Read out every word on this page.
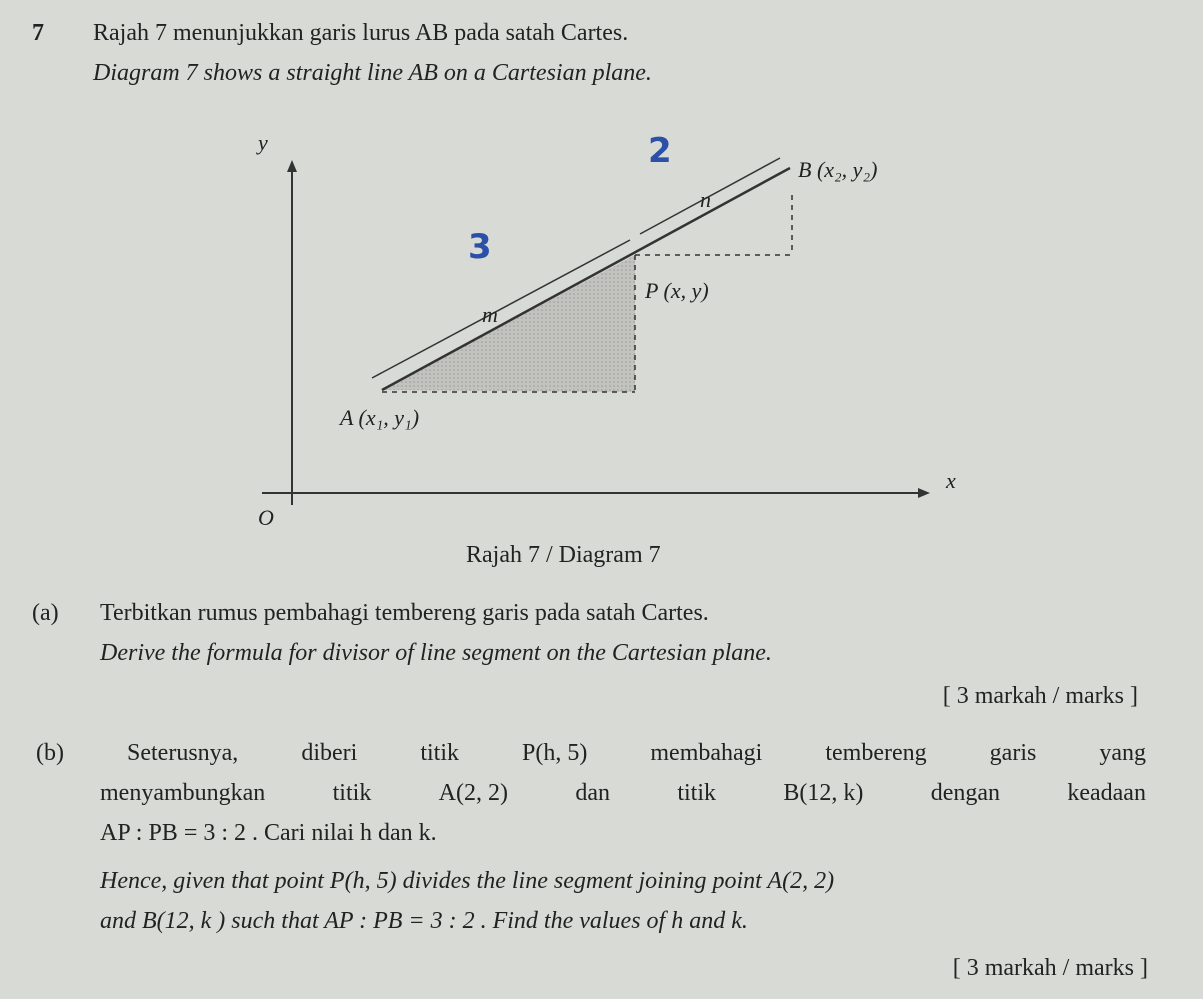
7 Rajah 7 menunjukkan garis lurus AB pada satah Cartes.
Diagram 7 shows a straight line AB on a Cartesian plane.
y
x
O
B (x₂, y₂)
P (x, y)
A (x₁, y₁)
n
m
2
3
Rajah 7 / Diagram 7
(a) Terbitkan rumus pembahagi tembereng garis pada satah Cartes.
Derive the formula for divisor of line segment on the Cartesian plane.
[ 3 markah / marks ]
(b)	Seterusnya,	diberi	titik	P(h, 5)	membahagi	tembereng	garis	yang
menyambungkan	titik	A(2, 2)	dan	titik	B(12, k)	dengan	keadaan
AP : PB = 3 : 2 . Cari nilai h dan k.
Hence, given that point P(h, 5) divides the line segment joining point A(2, 2)
and B(12, k ) such that AP : PB = 3 : 2 . Find the values of h and k.
[ 3 markah / marks ]
